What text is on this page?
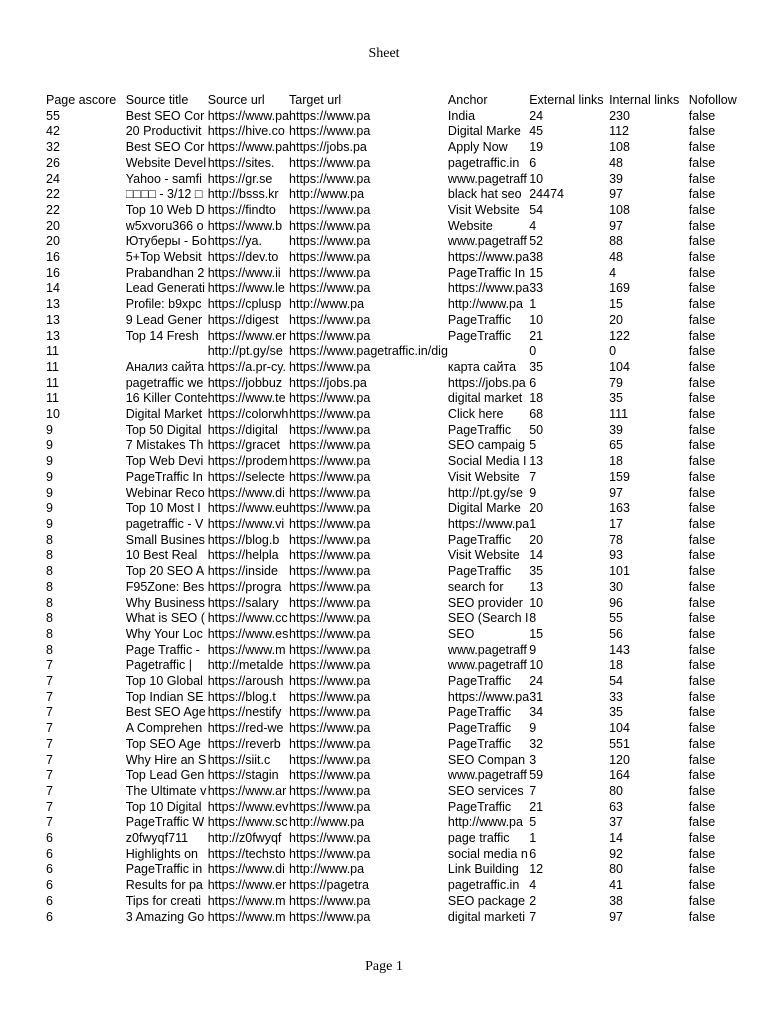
Sheet
Page ascore	Source title	Source url	Target url	Anchor	External links	Internal links	Nofollow
55	Best SEO Cor	https://www.pa	https://www.pa	India	24	230	false
42	20 Productivit	https://hive.co	https://www.pa	Digital Marke	45	112	false
32	Best SEO Cor	https://www.pa	https://jobs.pa	Apply Now	19	108	false
26	Website Devel	https://sites.	https://www.pa	pagetraffic.in	6	48	false
24	Yahoo - samfi	https://gr.se	https://www.pa	www.pagetraff	10	39	false
22	□□□□ - 3/12 □	http://bsss.kr	http://www.pa	black hat seo	24474	97	false
22	Top 10 Web D	https://findto	https://www.pa	Visit Website	54	108	false
20	w5xvoru366 o	https://www.b	https://www.pa	Website	4	97	false
20	Ютуберы - Бо	https://ya.	https://www.pa	www.pagetraff	52	88	false
16	5+Top Websit	https://dev.to	https://www.pa	https://www.pa	38	48	false
16	Prabandhan 2	https://www.ii	https://www.pa	PageTraffic In	15	4	false
14	Lead Generati	https://www.le	https://www.pa	https://www.pa	33	169	false
13	Profile: b9xpc	https://cplusp	http://www.pa	http://www.pa	1	15	false
13	9 Lead Gener	https://digest	https://www.pa	PageTraffic	10	20	false
13	Top 14 Fresh	https://www.er	https://www.pa	PageTraffic	21	122	false
11		http://pt.gy/se	https://www.pagetraffic.in/dig		0	0	false
11	Анализ сайта	https://a.pr-cy.	https://www.pa	карта сайта	35	104	false
11	pagetraffic we	https://jobbuz	https://jobs.pa	https://jobs.pa	6	79	false
11	16 Killer Conte	https://www.te	https://www.pa	digital market	18	35	false
10	Digital Market	https://colorwh	https://www.pa	Click here	68	111	false
9	Top 50 Digital	https://digital	https://www.pa	PageTraffic	50	39	false
9	7 Mistakes Th	https://gracet	https://www.pa	SEO campaig	5	65	false
9	Top Web Devi	https://prodem	https://www.pa	Social Media I	13	18	false
9	PageTraffic In	https://selecte	https://www.pa	Visit Website	7	159	false
9	Webinar Reco	https://www.di	https://www.pa	http://pt.gy/se	9	97	false
9	Top 10 Most I	https://www.eu	https://www.pa	Digital Marke	20	163	false
9	pagetraffic - V	https://www.vi	https://www.pa	https://www.pa	1	17	false
8	Small Busines	https://blog.b	https://www.pa	PageTraffic	20	78	false
8	10 Best Real	https://helpla	https://www.pa	Visit Website	14	93	false
8	Top 20 SEO A	https://inside	https://www.pa	PageTraffic	35	101	false
8	F95Zone: Bes	https://progra	https://www.pa	search for	13	30	false
8	Why Business	https://salary	https://www.pa	SEO provider	10	96	false
8	What is SEO (	https://www.cc	https://www.pa	SEO (Search I	8	55	false
8	Why Your Loc	https://www.es	https://www.pa	SEO	15	56	false
8	Page Traffic -	https://www.m	https://www.pa	www.pagetraff	9	143	false
7	Pagetraffic |	http://metalde	https://www.pa	www.pagetraff	10	18	false
7	Top 10 Global	https://aroush	https://www.pa	PageTraffic	24	54	false
7	Top Indian SE	https://blog.t	https://www.pa	https://www.pa	31	33	false
7	Best SEO Age	https://nestify	https://www.pa	PageTraffic	34	35	false
7	A Comprehen	https://red-we	https://www.pa	PageTraffic	9	104	false
7	Top SEO Age	https://reverb	https://www.pa	PageTraffic	32	551	false
7	Why Hire an S	https://siit.c	https://www.pa	SEO Compan	3	120	false
7	Top Lead Gen	https://stagin	https://www.pa	www.pagetraff	59	164	false
7	The Ultimate v	https://www.ar	https://www.pa	SEO services	7	80	false
7	Top 10 Digital	https://www.ev	https://www.pa	PageTraffic	21	63	false
7	PageTraffic W	https://www.sc	http://www.pa	http://www.pa	5	37	false
6	z0fwyqf711	http://z0fwyqf	https://www.pa	page traffic	1	14	false
6	Highlights on	https://techsto	https://www.pa	social media n	6	92	false
6	PageTraffic in	https://www.di	http://www.pa	Link Building	12	80	false
6	Results for pa	https://www.er	https://pagetra	pagetraffic.in	4	41	false
6	Tips for creati	https://www.m	https://www.pa	SEO package	2	38	false
6	3 Amazing Go	https://www.m	https://www.pa	digital marketi	7	97	false
Page 1
